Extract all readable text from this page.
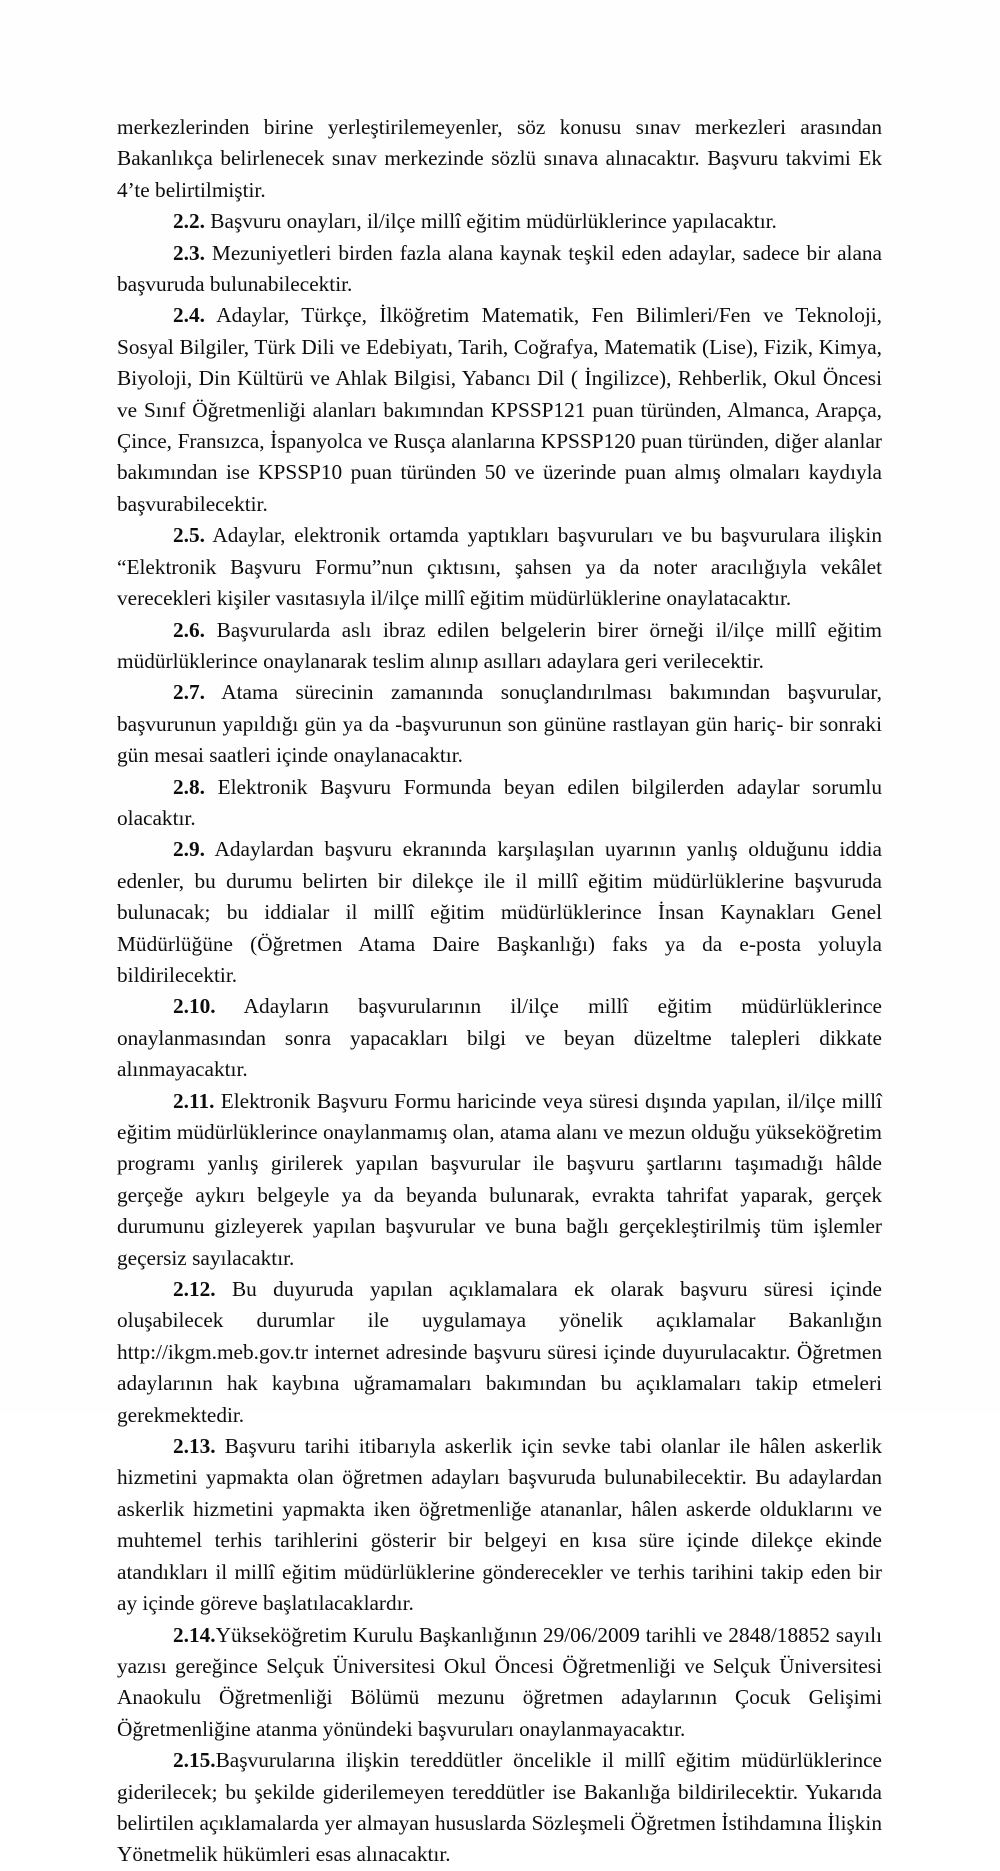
merkezlerinden birine yerleştirilemeyenler, söz konusu sınav merkezleri arasından Bakanlıkça belirlenecek sınav merkezinde sözlü sınava alınacaktır. Başvuru takvimi Ek 4’te belirtilmiştir.

2.2. Başvuru onayları, il/ilçe millî eğitim müdürlüklerince yapılacaktır.

2.3. Mezuniyetleri birden fazla alana kaynak teşkil eden adaylar, sadece bir alana başvuruda bulunabilecektir.

2.4. Adaylar, Türkçe, İlköğretim Matematik, Fen Bilimleri/Fen ve Teknoloji, Sosyal Bilgiler, Türk Dili ve Edebiyatı, Tarih, Coğrafya, Matematik (Lise), Fizik, Kimya, Biyoloji, Din Kültürü ve Ahlak Bilgisi, Yabancı Dil ( İngilizce), Rehberlik, Okul Öncesi ve Sınıf Öğretmenliği alanları bakımından KPSSP121 puan türünden, Almanca, Arapça, Çince, Fransızca, İspanyolca ve Rusça alanlarına KPSSP120 puan türünden, diğer alanlar bakımından ise KPSSP10 puan türünden 50 ve üzerinde puan almış olmaları kaydıyla başvurabilecektir.

2.5. Adaylar, elektronik ortamda yaptıkları başvuruları ve bu başvurulara ilişkin “Elektronik Başvuru Formu”nun çıktısını, şahsen ya da noter aracılığıyla vekâlet verecekleri kişiler vasıtasıyla il/ilçe millî eğitim müdürlüklerine onaylatacaktır.

2.6. Başvurularda aslı ibraz edilen belgelerin birer örneği il/ilçe millî eğitim müdürlüklerince onaylanarak teslim alınıp asılları adaylara geri verilecektir.

2.7. Atama sürecinin zamanında sonuçlandırılması bakımından başvurular, başvurunun yapıldığı gün ya da -başvurunun son gününe rastlayan gün hariç- bir sonraki gün mesai saatleri içinde onaylanacaktır.

2.8. Elektronik Başvuru Formunda beyan edilen bilgilerden adaylar sorumlu olacaktır.

2.9. Adaylardan başvuru ekranında karşılaşılan uyarının yanlış olduğunu iddia edenler, bu durumu belirten bir dilekçe ile il millî eğitim müdürlüklerine başvuruda bulunacak; bu iddialar il millî eğitim müdürlüklerince İnsan Kaynakları Genel Müdürlüğüne (Öğretmen Atama Daire Başkanlığı) faks ya da e-posta yoluyla bildirilecektir.

2.10. Adayların başvurularının il/ilçe millî eğitim müdürlüklerince onaylanmasından sonra yapacakları bilgi ve beyan düzeltme talepleri dikkate alınmayacaktır.

2.11. Elektronik Başvuru Formu haricinde veya süresi dışında yapılan, il/ilçe millî eğitim müdürlüklerince onaylanmamış olan, atama alanı ve mezun olduğu yükseköğretim programı yanlış girilerek yapılan başvurular ile başvuru şartlarını taşımadığı hâlde gerçeğe aykırı belgeyle ya da beyanda bulunarak, evrakta tahrifat yaparak, gerçek durumunu gizleyerek yapılan başvurular ve buna bağlı gerçekleştirilmiş tüm işlemler geçersiz sayılacaktır.

2.12. Bu duyuruda yapılan açıklamalara ek olarak başvuru süresi içinde oluşabilecek durumlar ile uygulamaya yönelik açıklamalar Bakanlığın http://ikgm.meb.gov.tr internet adresinde başvuru süresi içinde duyurulacaktır. Öğretmen adaylarının hak kaybına uğramamaları bakımından bu açıklamaları takip etmeleri gerekmektedir.

2.13. Başvuru tarihi itibarıyla askerlik için sevke tabi olanlar ile hâlen askerlik hizmetini yapmakta olan öğretmen adayları başvuruda bulunabilecektir. Bu adaylardan askerlik hizmetini yapmakta iken öğretmenliğe atananlar, hâlen askerde olduklarını ve muhtemel terhis tarihlerini gösterir bir belgeyi en kısa süre içinde dilekçe ekinde atandıkları il millî eğitim müdürlüklerine gönderecekler ve terhis tarihini takip eden bir ay içinde göreve başlatılacaklardır.

2.14.Yükseköğretim Kurulu Başkanlığının 29/06/2009 tarihli ve 2848/18852 sayılı yazısı gereğince Selçuk Üniversitesi Okul Öncesi Öğretmenliği ve Selçuk Üniversitesi Anaokulu Öğretmenliği Bölümü mezunu öğretmen adaylarının Çocuk Gelişimi Öğretmenliğine atanma yönündeki başvuruları onaylanmayacaktır.

2.15.Başvurularına ilişkin tereddütler öncelikle il millî eğitim müdürlüklerince giderilecek; bu şekilde giderilemeyen tereddütler ise Bakanlığa bildirilecektir. Yukarıda belirtilen açıklamalarda yer almayan hususlarda Sözleşmeli Öğretmen İstihdamına İlişkin Yönetmelik hükümleri esas alınacaktır.
